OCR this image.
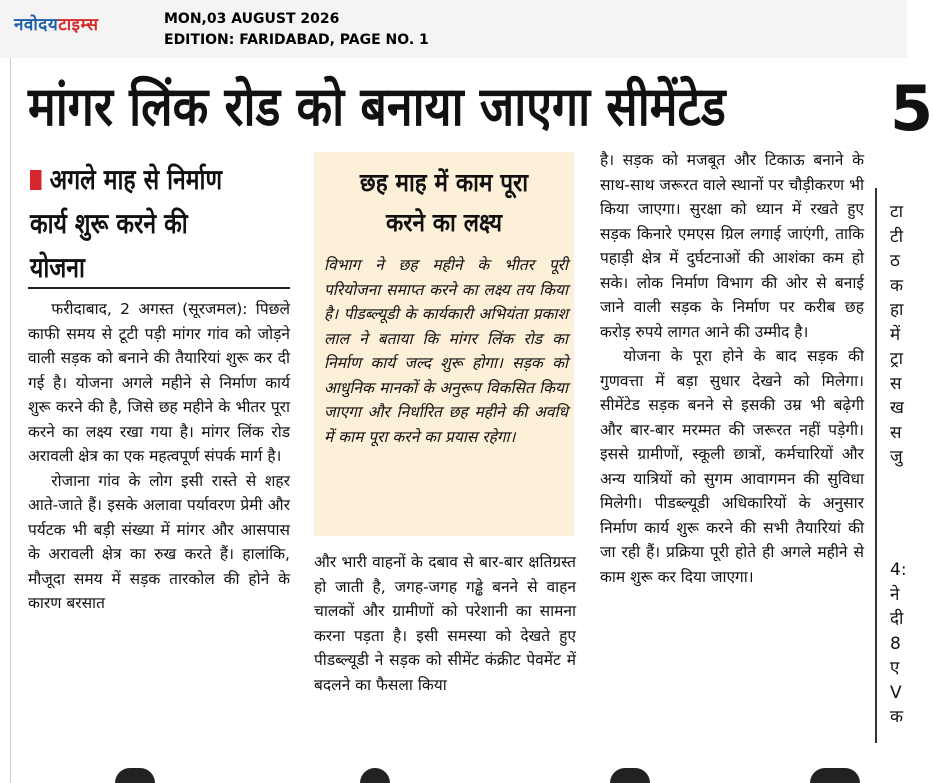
नवोदयटाइम्स	MON,03 AUGUST 2026
EDITION: FARIDABAD, PAGE NO. 1
मांगर लिंक रोड को बनाया जाएगा सीमेंटेड	5
अगले माह से निर्माण
कार्य शुरू करने की
योजना

फरीदाबाद, 2 अगस्त (सूरजमल): पिछले काफी समय से टूटी पड़ी मांगर गांव को जोड़ने वाली सड़क को बनाने की तैयारियां शुरू कर दी गई है। योजना अगले महीने से निर्माण कार्य शुरू करने की है, जिसे छह महीने के भीतर पूरा करने का लक्ष्य रखा गया है। मांगर लिंक रोड अरावली क्षेत्र का एक महत्वपूर्ण संपर्क मार्ग है।

रोजाना गांव के लोग इसी रास्ते से शहर आते-जाते हैं। इसके अलावा पर्यावरण प्रेमी और पर्यटक भी बड़ी संख्या में मांगर और आसपास के अरावली क्षेत्र का रुख करते हैं। हालांकि, मौजूदा समय में सड़क तारकोल की होने के कारण बरसात

छह माह में काम पूरा
करने का लक्ष्य
विभाग ने छह महीने के भीतर पूरी परियोजना समाप्त करने का लक्ष्य तय किया है। पीडब्ल्यूडी के कार्यकारी अभियंता प्रकाश लाल ने बताया कि मांगर लिंक रोड का निर्माण कार्य जल्द शुरू होगा। सड़क को आधुनिक मानकों के अनुरूप विकसित किया जाएगा और निर्धारित छह महीने की अवधि में काम पूरा करने का प्रयास रहेगा।

और भारी वाहनों के दबाव से बार-बार क्षतिग्रस्त हो जाती है, जगह-जगह गड्ढे बनने से वाहन चालकों और ग्रामीणों को परेशानी का सामना करना पड़ता है। इसी समस्या को देखते हुए पीडब्ल्यूडी ने सड़क को सीमेंट कंक्रीट पेवमेंट में बदलने का फैसला किया

है। सड़क को मजबूत और टिकाऊ बनाने के साथ-साथ जरूरत वाले स्थानों पर चौड़ीकरण भी किया जाएगा। सुरक्षा को ध्यान में रखते हुए सड़क किनारे एमएस ग्रिल लगाई जाएंगी, ताकि पहाड़ी क्षेत्र में दुर्घटनाओं की आशंका कम हो सके। लोक निर्माण विभाग की ओर से बनाई जाने वाली सड़क के निर्माण पर करीब छह करोड़ रुपये लागत आने की उम्मीद है।

योजना के पूरा होने के बाद सड़क की गुणवत्ता में बड़ा सुधार देखने को मिलेगा। सीमेंटेड सड़क बनने से इसकी उम्र भी बढ़ेगी और बार-बार मरम्मत की जरूरत नहीं पड़ेगी। इससे ग्रामीणों, स्कूली छात्रों, कर्मचारियों और अन्य यात्रियों को सुगम आवागमन की सुविधा मिलेगी। पीडब्ल्यूडी अधिकारियों के अनुसार निर्माण कार्य शुरू करने की सभी तैयारियां की जा रही हैं। प्रक्रिया पूरी होते ही अगले महीने से काम शुरू कर दिया जाएगा।

टा
टी
ठ
क
हा
में
ट्रा
स
ख
स
जु
4:
ने
दी
8
ए
V
क
